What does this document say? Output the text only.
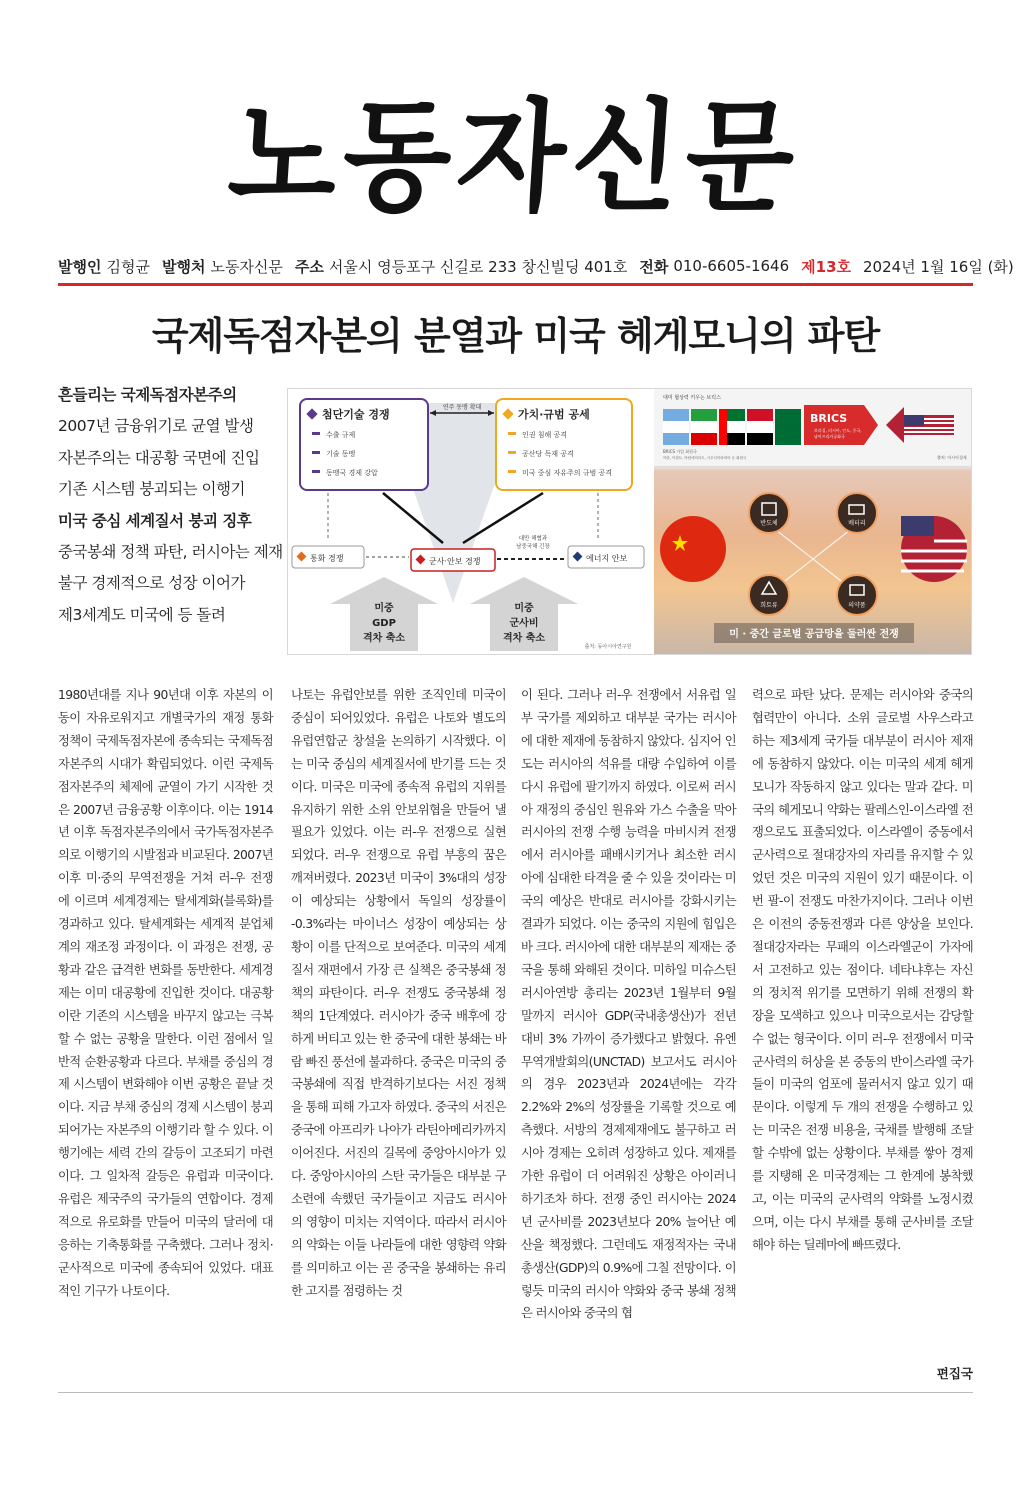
노동자신문
발행인 김형균 발행처 노동자신문 주소 서울시 영등포구 신길로 233 창신빌딩 401호 전화 010-6605-1646 제13호 2024년 1월 16일 (화)
국제독점자본의 분열과 미국 헤게모니의 파탄
흔들리는 국제독점자본주의
2007년 금융위기로 균열 발생
자본주의는 대공황 국면에 진입
기존 시스템 붕괴되는 이행기
미국 중심 세계질서 붕괴 징후
중국봉쇄 정책 파탄, 러시아는 제재
불구 경제적으로 성장 이어가
제3세계도 미국에 등 돌려
첨단기술 경쟁
수출 규제
기술 동맹
동맹국 경제 강압
가치·규범 공세
인권 침해 공격
공산당 독재 공격
미국 중심 자유주의 규범 공격
연주 동맹 확대
통화 경쟁	군사·안보 경쟁	에너지 안보
대만 해협과
남중국해 긴장
미중
GDP
격차 축소
미중
군사비
격차 축소
출처: 동아시아연구원
대미 협상력 키우는 브릭스
BRICS 가입 회원국
이란, 이집트, 아랍에미리트, 사우디아라비아 등 회원국
BRICS
브라질, 러시아, 인도, 중국,
남아프리카공화국
출처: 아시아경제
반도체	배터리
희토류	의약품
미 · 중간 글로벌 공급망을 둘러싼 전쟁

1980년대를 지나 90년대 이후 자본의 이동이 자유로워지고 개별국가의 재정 통화 정책이 국제독점자본에 종속되는 국제독점자본주의 시대가 확립되었다. 이런 국제독점자본주의 체제에 균열이 가기 시작한 것은 2007년 금융공황 이후이다. 이는 1914년 이후 독점자본주의에서 국가독점자본주의로 이행기의 시발점과 비교된다. 2007년 이후 미·중의 무역전쟁을 거쳐 러-우 전쟁에 이르며 세계경제는 탈세계화(블록화)를 경과하고 있다. 탈세계화는 세계적 분업체계의 재조정 과정이다. 이 과정은 전쟁, 공황과 같은 급격한 변화를 동반한다. 세계경제는 이미 대공황에 진입한 것이다. 대공황이란 기존의 시스템을 바꾸지 않고는 극복할 수 없는 공황을 말한다. 이런 점에서 일반적 순환공황과 다르다. 부채를 중심의 경제 시스템이 변화해야 이번 공황은 끝날 것이다. 지금 부채 중심의 경제 시스템이 붕괴되어가는 자본주의 이행기라 할 수 있다. 이행기에는 세력 간의 갈등이 고조되기 마련이다. 그 일차적 갈등은 유럽과 미국이다. 유럽은 제국주의 국가들의 연합이다. 경제적으로 유로화를 만들어 미국의 달러에 대응하는 기축통화를 구축했다. 그러나 정치·군사적으로 미국에 종속되어 있었다. 대표적인 기구가 나토이다.

나토는 유럽안보를 위한 조직인데 미국이 중심이 되어있었다. 유럽은 나토와 별도의 유럽연합군 창설을 논의하기 시작했다. 이는 미국 중심의 세계질서에 반기를 드는 것이다. 미국은 미국에 종속적 유럽의 지위를 유지하기 위한 소위 안보위협을 만들어 낼 필요가 있었다. 이는 러-우 전쟁으로 실현되었다. 러-우 전쟁으로 유럽 부흥의 꿈은 깨져버렸다. 2023년 미국이 3%대의 성장이 예상되는 상황에서 독일의 성장률이 -0.3%라는 마이너스 성장이 예상되는 상황이 이를 단적으로 보여준다. 미국의 세계질서 재편에서 가장 큰 실책은 중국봉쇄 정책의 파탄이다. 러-우 전쟁도 중국봉쇄 정책의 1단계였다. 러시아가 중국 배후에 강하게 버티고 있는 한 중국에 대한 봉쇄는 바람 빠진 풍선에 불과하다. 중국은 미국의 중국봉쇄에 직접 반격하기보다는 서진 정책을 통해 피해 가고자 하였다. 중국의 서진은 중국에 아프리카 나아가 라틴아메리카까지 이어진다. 서진의 길목에 중앙아시아가 있다. 중앙아시아의 스탄 국가들은 대부분 구소련에 속했던 국가들이고 지금도 러시아의 영향이 미치는 지역이다. 따라서 러시아의 약화는 이들 나라들에 대한 영향력 약화를 의미하고 이는 곧 중국을 봉쇄하는 유리한 고지를 점령하는 것

이 된다. 그러나 러-우 전쟁에서 서유럽 일부 국가를 제외하고 대부분 국가는 러시아에 대한 제재에 동참하지 않았다. 심지어 인도는 러시아의 석유를 대량 수입하여 이를 다시 유럽에 팔기까지 하였다. 이로써 러시아 재정의 중심인 원유와 가스 수출을 막아 러시아의 전쟁 수행 능력을 마비시켜 전쟁에서 러시아를 패배시키거나 최소한 러시아에 심대한 타격을 줄 수 있을 것이라는 미국의 예상은 반대로 러시아를 강화시키는 결과가 되었다. 이는 중국의 지원에 힘입은 바 크다. 러시아에 대한 대부분의 제재는 중국을 통해 와해된 것이다. 미하일 미슈스틴 러시아연방 총리는 2023년 1월부터 9월 말까지 러시아 GDP(국내총생산)가 전년 대비 3% 가까이 증가했다고 밝혔다. 유엔무역개발회의(UNCTAD) 보고서도 러시아의 경우 2023년과 2024년에는 각각 2.2%와 2%의 성장률을 기록할 것으로 예측했다. 서방의 경제제재에도 불구하고 러시아 경제는 오히려 성장하고 있다. 제재를 가한 유럽이 더 어려워진 상황은 아이러니하기조차 하다. 전쟁 중인 러시아는 2024년 군사비를 2023년보다 20% 늘어난 예산을 책정했다. 그런데도 재정적자는 국내총생산(GDP)의 0.9%에 그칠 전망이다. 이렇듯 미국의 러시아 약화와 중국 봉쇄 정책은 러시아와 중국의 협

력으로 파탄 났다. 문제는 러시아와 중국의 협력만이 아니다. 소위 글로벌 사우스라고 하는 제3세계 국가들 대부분이 러시아 제재에 동참하지 않았다. 이는 미국의 세계 헤게모니가 작동하지 않고 있다는 말과 같다. 미국의 헤게모니 약화는 팔레스인-이스라엘 전쟁으로도 표출되었다. 이스라엘이 중동에서 군사력으로 절대강자의 자리를 유지할 수 있었던 것은 미국의 지원이 있기 때문이다. 이번 팔-이 전쟁도 마찬가지이다. 그러나 이번은 이전의 중동전쟁과 다른 양상을 보인다. 절대강자라는 무패의 이스라엘군이 가자에서 고전하고 있는 점이다. 네타냐후는 자신의 정치적 위기를 모면하기 위해 전쟁의 확장을 모색하고 있으나 미국으로서는 감당할 수 없는 형국이다. 이미 러-우 전쟁에서 미국 군사력의 허상을 본 중동의 반이스라엘 국가들이 미국의 엄포에 물러서지 않고 있기 때문이다. 이렇게 두 개의 전쟁을 수행하고 있는 미국은 전쟁 비용을, 국채를 발행해 조달할 수밖에 없는 상황이다. 부채를 쌓아 경제를 지탱해 온 미국경제는 그 한계에 봉착했고, 이는 미국의 군사력의 약화를 노정시켰으며, 이는 다시 부채를 통해 군사비를 조달해야 하는 딜레마에 빠뜨렸다.

편집국
